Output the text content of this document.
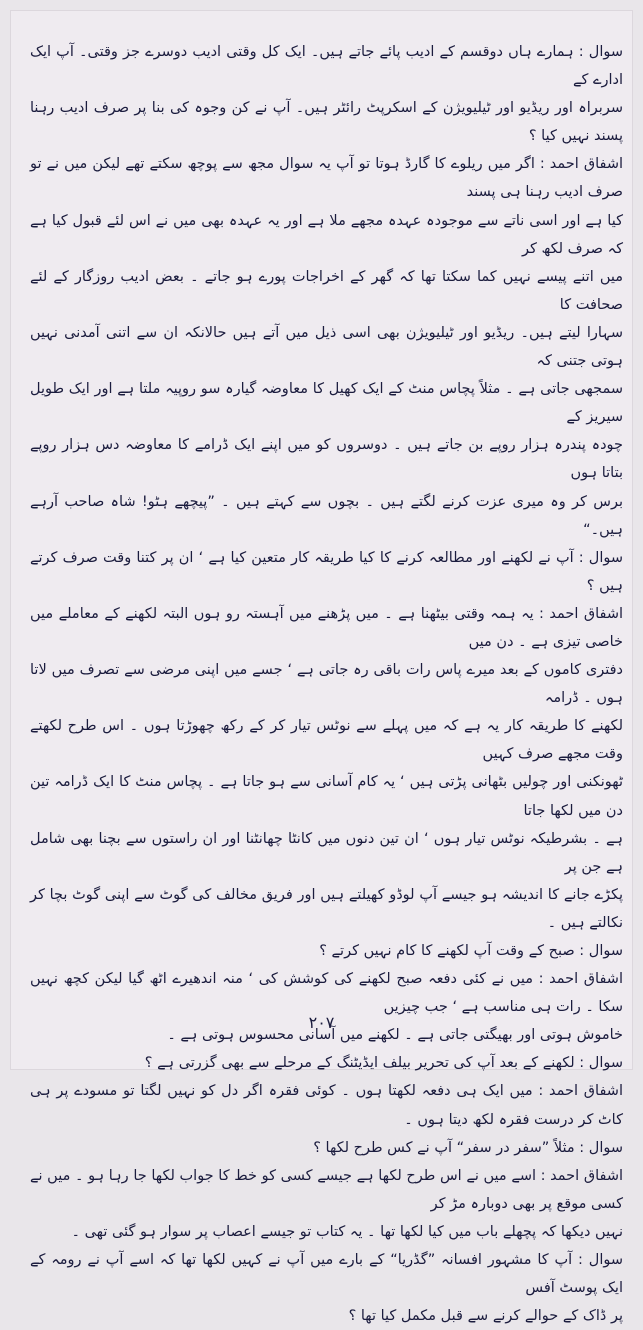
سوال : ہمارے ہاں دوقسم کے ادیب پائے جاتے ہیں۔ ایک کل وقتی ادیب دوسرے جز وقتی۔ آپ ایک ادارے کے

سربراہ اور ریڈیو اور ٹیلیویژن کے اسکرپٹ رائٹر ہیں۔ آپ نے کن وجوہ کی بنا پر صرف ادیب رہنا پسند نہیں کیا ؟

اشفاق احمد : اگر میں ریلوے کا گارڈ ہوتا تو آپ یہ سوال مجھ سے پوچھ سکتے تھے لیکن میں نے تو صرف ادیب رہنا ہی پسند

کیا ہے اور اسی ناتے سے موجودہ عہدہ مجھے ملا ہے اور یہ عہدہ بھی میں نے اس لئے قبول کیا ہے کہ صرف لکھ کر

میں اتنے پیسے نہیں کما سکتا تھا کہ گھر کے اخراجات پورے ہو جاتے ۔ بعض ادیب روزگار کے لئے صحافت کا

سہارا لیتے ہیں۔ ریڈیو اور ٹیلیویژن بھی اسی ذیل میں آتے ہیں حالانکہ ان سے اتنی آمدنی نہیں ہوتی جتنی کہ

سمجھی جاتی ہے ۔ مثلاً پچاس منٹ کے ایک کھیل کا معاوضہ گیارہ سو روپیہ ملتا ہے اور ایک طویل سیریز کے

چودہ پندرہ ہزار روپے بن جاتے ہیں ۔ دوسروں کو میں اپنے ایک ڈرامے کا معاوضہ دس ہزار روپے بتاتا ہوں

برس کر وہ میری عزت کرنے لگتے ہیں ۔ بچوں سے کہتے ہیں ۔ ”پیچھے ہٹو! شاہ صاحب آرہے ہیں۔“

سوال : آپ نے لکھنے اور مطالعہ کرنے کا کیا طریقہ کار متعین کیا ہے ‘ ان پر کتنا وقت صرف کرتے ہیں ؟

اشفاق احمد : یہ ہمہ وقتی بیٹھنا ہے ۔ میں پڑھنے میں آہستہ رو ہوں البتہ لکھنے کے معاملے میں خاصی تیزی ہے ۔ دن میں

دفتری کاموں کے بعد میرے پاس رات باقی رہ جاتی ہے ‘ جسے میں اپنی مرضی سے تصرف میں لاتا ہوں ۔ ڈرامہ

لکھنے کا طریقہ کار یہ ہے کہ میں پہلے سے نوٹس تیار کر کے رکھ چھوڑتا ہوں ۔ اس طرح لکھتے وقت مجھے صرف کہیں

ٹھونکنی اور چولیں بٹھانی پڑتی ہیں ‘ یہ کام آسانی سے ہو جاتا ہے ۔ پچاس منٹ کا ایک ڈرامہ تین دن میں لکھا جاتا

ہے ۔ بشرطیکہ نوٹس تیار ہوں ‘ ان تین دنوں میں کانٹا چھانٹنا اور ان راستوں سے بچنا بھی شامل ہے جن پر

پکڑے جانے کا اندیشہ ہو جیسے آپ لوڈو کھیلتے ہیں اور فریق مخالف کی گوٹ سے اپنی گوٹ بچا کر نکالتے ہیں ۔

سوال : صبح کے وقت آپ لکھنے کا کام نہیں کرتے ؟

اشفاق احمد : میں نے کئی دفعہ صبح لکھنے کی کوشش کی ‘ منہ اندھیرے اٹھ گیا لیکن کچھ نہیں سکا ۔ رات ہی مناسب ہے ‘ جب چیزیں

خاموش ہوتی اور بھیگتی جاتی ہے ۔ لکھنے میں آسانی محسوس ہوتی ہے ۔

سوال : لکھنے کے بعد آپ کی تحریر بیلف ایڈیٹنگ کے مرحلے سے بھی گزرتی ہے ؟

اشفاق احمد : میں ایک ہی دفعہ لکھتا ہوں ۔ کوئی فقرہ اگر دل کو نہیں لگتا تو مسودے پر ہی کاٹ کر درست فقرہ لکھ دیتا ہوں ۔

سوال : مثلاً ”سفر در سفر“ آپ نے کس طرح لکھا ؟

اشفاق احمد : اسے میں نے اس طرح لکھا ہے جیسے کسی کو خط کا جواب لکھا جا رہا ہو ۔ میں نے کسی موقع پر بھی دوبارہ مڑ کر

نہیں دیکھا کہ پچھلے باب میں کیا لکھا تھا ۔ یہ کتاب تو جیسے اعصاب پر سوار ہو گئی تھی ۔

سوال : آپ کا مشہور افسانہ ”گڈریا“ کے بارے میں آپ نے کہیں لکھا تھا کہ اسے آپ نے رومہ کے ایک پوسٹ آفس

پر ڈاک کے حوالے کرنے سے قبل مکمل کیا تھا ؟

۲۰۷
